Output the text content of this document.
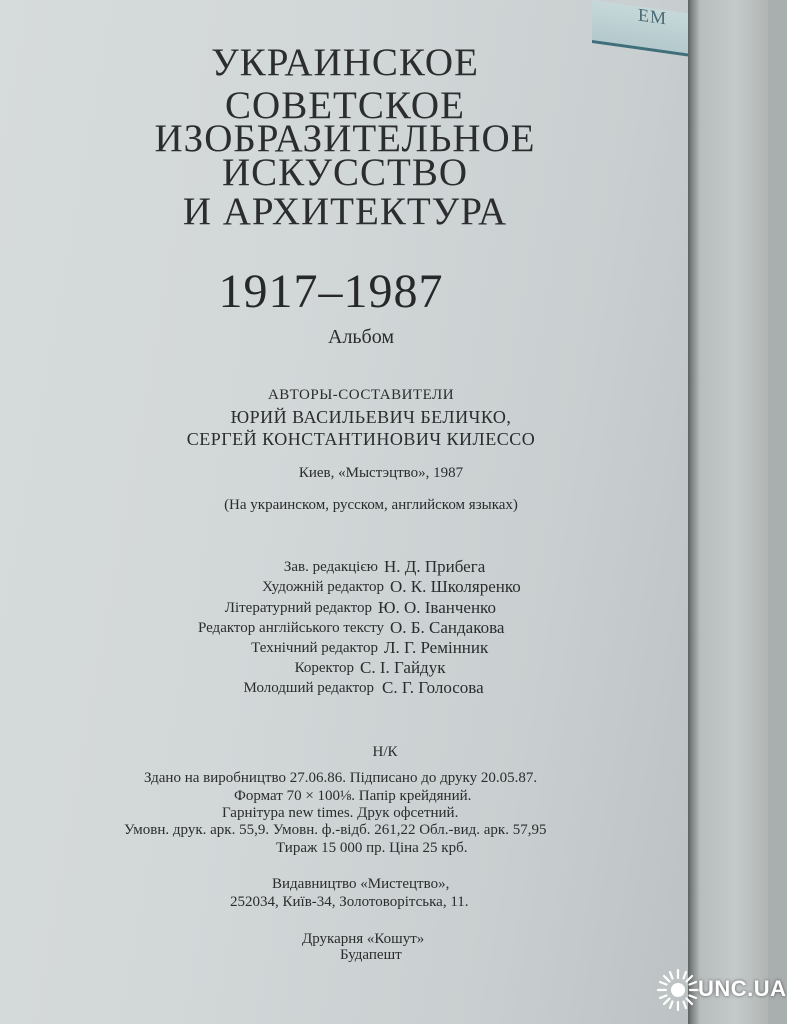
ЕМ
УКРАИНСКОЕ
СОВЕТСКОЕ
ИЗОБРАЗИТЕЛЬНОЕ
ИСКУССТВО
И АРХИТЕКТУРА
1917–1987
Альбом
АВТОРЫ-СОСТАВИТЕЛИ
ЮРИЙ ВАСИЛЬЕВИЧ БЕЛИЧКО,
СЕРГЕЙ КОНСТАНТИНОВИЧ КИЛЕССО
Киев, «Мыстэцтво», 1987
(На украинском, русском, английском языках)
Зав. редакцією Н. Д. Прибега
Художній редактор О. К. Школяренко
Літературний редактор Ю. О. Іванченко
Редактор англійського тексту О. Б. Сандакова
Технічний редактор Л. Г. Ремінник
Коректор С. І. Гайдук
Молодший редактор С. Г. Голосова
Н/К
Здано на виробництво 27.06.86. Підписано до друку 20.05.87.
Формат 70 × 100⅛. Папір крейдяний.
Гарнітура new times. Друк офсетний.
Умовн. друк. арк. 55,9. Умовн. ф.-відб. 261,22 Обл.-вид. арк. 57,95
Тираж 15 000 пр. Ціна 25 крб.
Видавництво «Мистецтво»,
252034, Київ-34, Золотоворітська, 11.
Друкарня «Кошут»
Будапешт
UNC.UA
